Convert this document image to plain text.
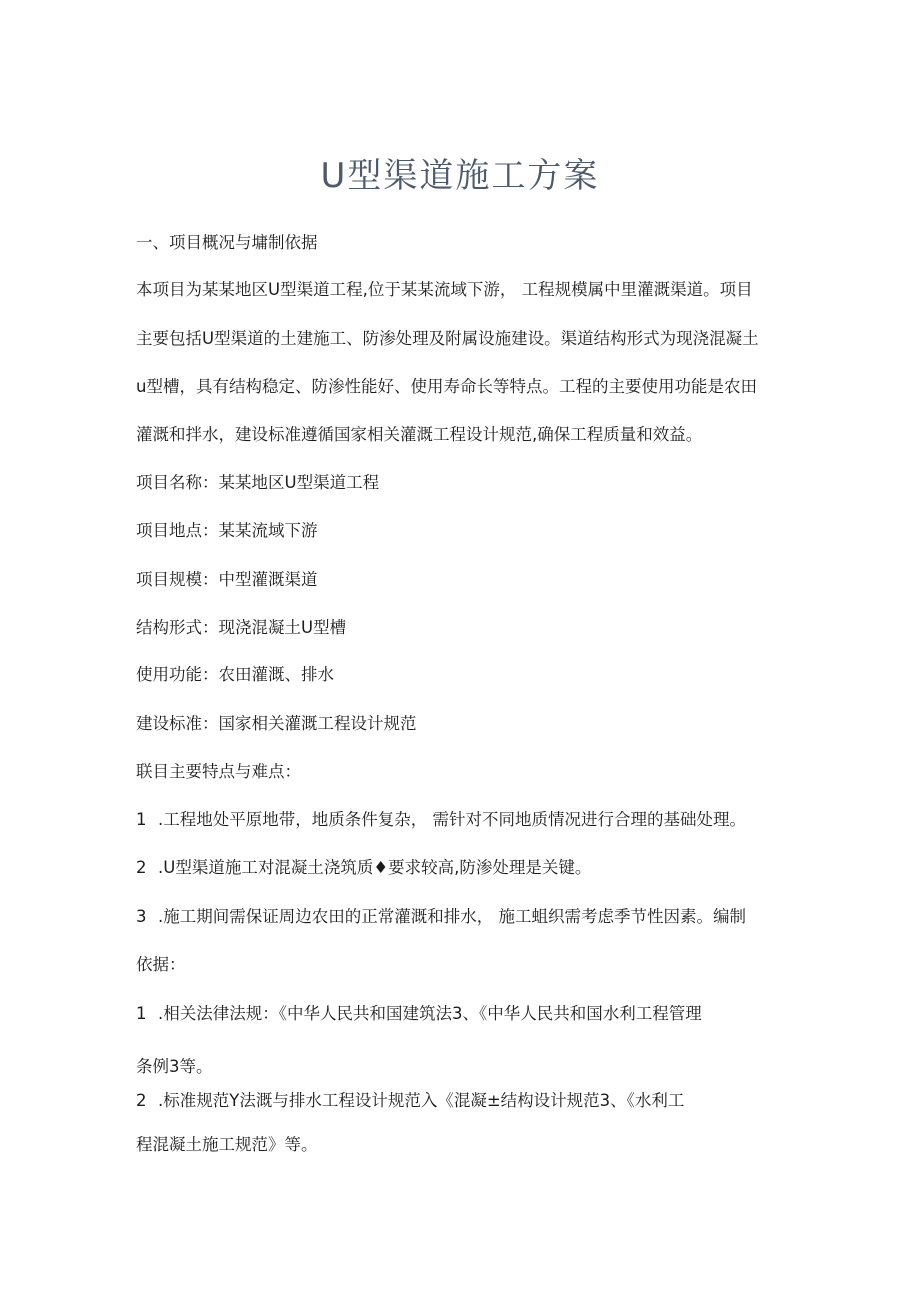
U型渠道施工方案
一、项目概况与墉制依据
本项目为某某地区U型渠道工程,位于某某流域下游， 工程规模属中里灌溉渠道。项目
主要包括U型渠道的土建施工、防渗处理及附属设施建设。渠道结构形式为现浇混凝土
u型槽，具有结构稳定、防渗性能好、使用寿命长等特点。工程的主要使用功能是农田
灌溉和拌水，建设标准遵循国家相关灌溉工程设计规范,确保工程质量和效益。
项目名称：某某地区U型渠道工程
项目地点：某某流域下游
项目规模：中型灌溉渠道
结构形式：现浇混凝土U型槽
使用功能：农田灌溉、排水
建设标准：国家相关灌溉工程设计规范
联目主要特点与难点：
1 .工程地处平原地带，地质条件复杂， 需针对不同地质情况进行合理的基础处理。
2 .U型渠道施工对混凝土浇筑质♦要求较高,防渗处理是关键。
3 .施工期间需保证周边农田的正常灌溉和排水， 施工蛆织需考虑季节性因素。编制
依据：
1 .相关法律法规：《中华人民共和国建筑法3、《中华人民共和国水利工程管理
条例3等。
2 .标准规范Y法溉与排水工程设计规范入《混凝±结构设计规范3、《水利工
程混凝土施工规范》等。
